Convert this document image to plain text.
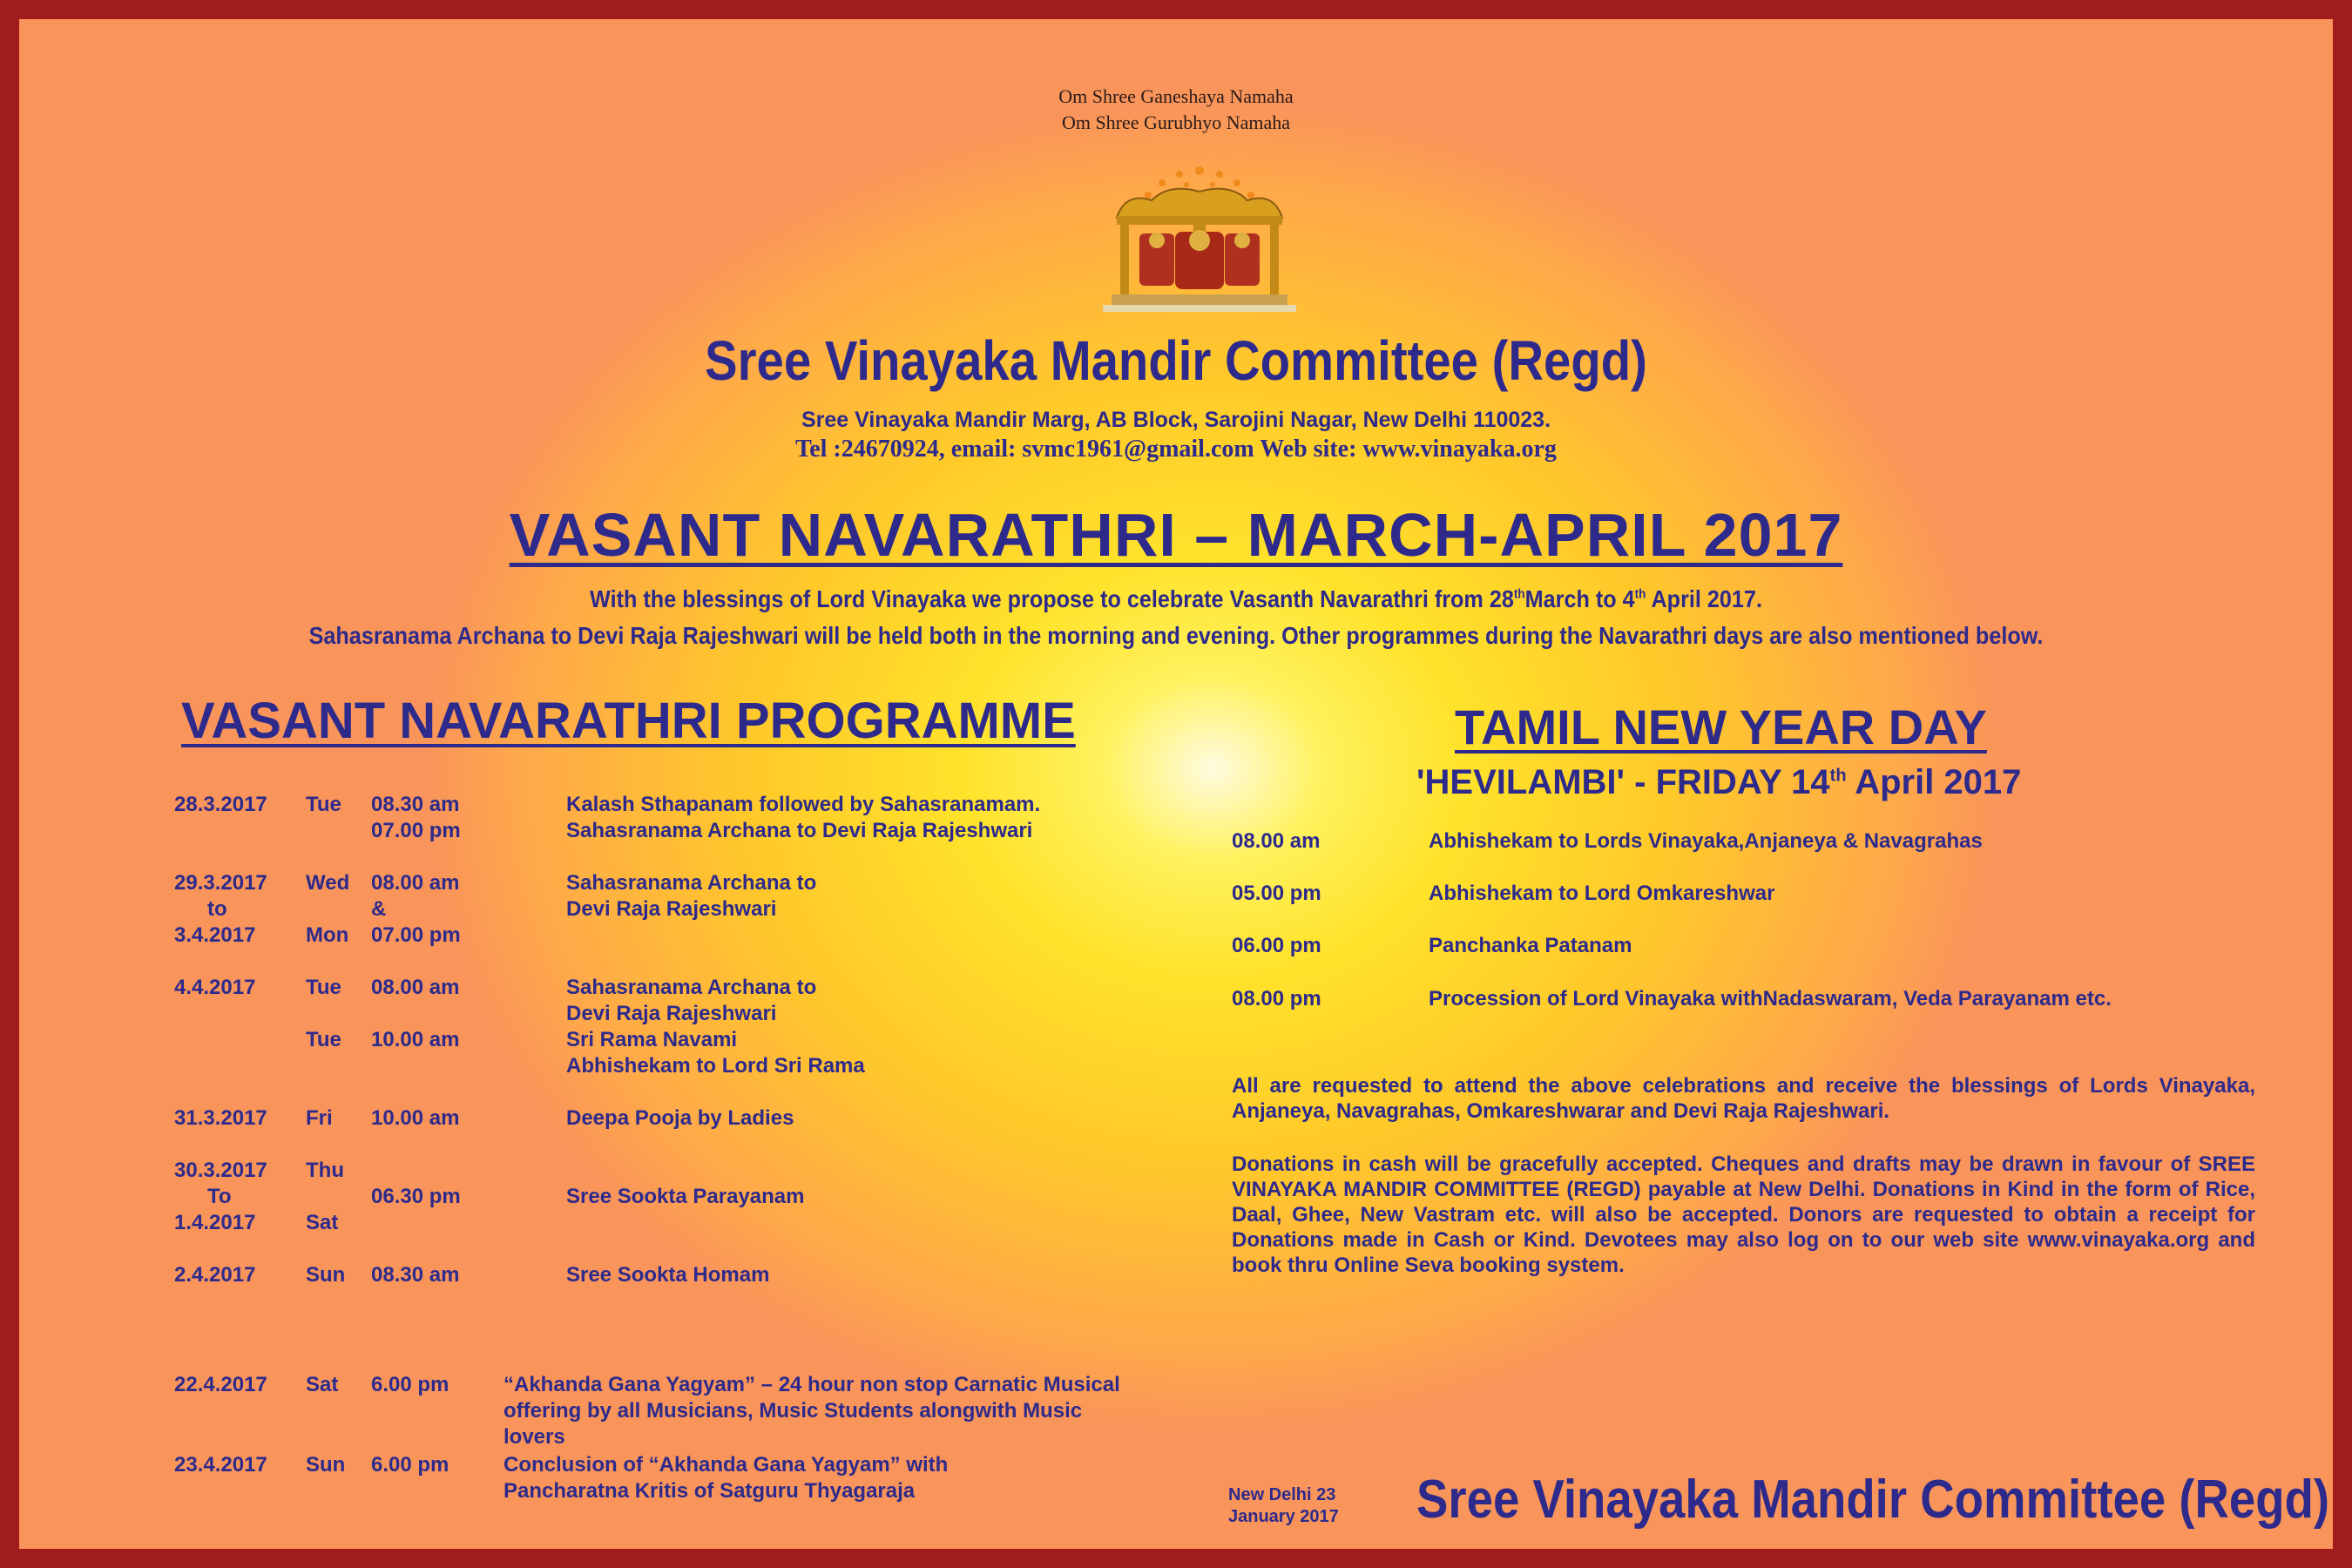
Om Shree Ganeshaya Namaha
Om Shree Gurubhyo Namaha
Sree Vinayaka Mandir Committee (Regd)
Sree Vinayaka Mandir Marg, AB Block, Sarojini Nagar, New Delhi 110023.
Tel :24670924, email: svmc1961@gmail.com Web site: www.vinayaka.org
VASANT NAVARATHRI – MARCH-APRIL 2017
With the blessings of Lord Vinayaka we propose to celebrate Vasanth Navarathri from 28thMarch to 4th April 2017.
Sahasranama Archana to Devi Raja Rajeshwari will be held both in the morning and evening. Other programmes during the Navarathri days are also mentioned below.
VASANT NAVARATHRI PROGRAMME	TAMIL NEW YEAR DAY
'HEVILAMBI' - FRIDAY 14th April 2017
All are requested to attend the above celebrations and receive the blessings of Lords Vinayaka, Anjaneya, Navagrahas, Omkareshwarar and Devi Raja Rajeshwari.
Donations in cash will be gracefully accepted. Cheques and drafts may be drawn in favour of SREE VINAYAKA MANDIR COMMITTEE (REGD) payable at New Delhi. Donations in Kind in the form of Rice, Daal, Ghee, New Vastram etc. will also be accepted. Donors are requested to obtain a receipt for Donations made in Cash or Kind. Devotees may also log on to our web site www.vinayaka.org and book thru Online Seva booking system.
New Delhi 23
January 2017 Sree Vinayaka Mandir Committee (Regd)
28.3.2017 Tue 08.30 am	Kalash Sthapanam followed by Sahasranamam.
07.00 pm	Sahasranama Archana to Devi Raja Rajeshwari
29.3.2017 Wed 08.00 am	Sahasranama Archana to
to	&	Devi Raja Rajeshwari
3.4.2017 Mon 07.00 pm
4.4.2017 Tue 08.00 am	Sahasranama Archana to
Devi Raja Rajeshwari
Tue 10.00 am	Sri Rama Navami
Abhishekam to Lord Sri Rama
31.3.2017 Fri 10.00 am	Deepa Pooja by Ladies
30.3.2017 Thu
To	06.30 pm	Sree Sookta Parayanam
1.4.2017 Sat
2.4.2017 Sun 08.30 am	Sree Sookta Homam
22.4.2017 Sat 6.00 pm	“Akhanda Gana Yagyam” – 24 hour non stop Carnatic Musical
offering by all Musicians, Music Students alongwith Music
lovers
23.4.2017 Sun 6.00 pm	Conclusion of “Akhanda Gana Yagyam” with
Pancharatna Kritis of Satguru Thyagaraja
08.00 am	Abhishekam to Lords Vinayaka,Anjaneya & Navagrahas
05.00 pm	Abhishekam to Lord Omkareshwar
06.00 pm	Panchanka Patanam
08.00 pm	Procession of Lord Vinayaka withNadaswaram, Veda Parayanam etc.
